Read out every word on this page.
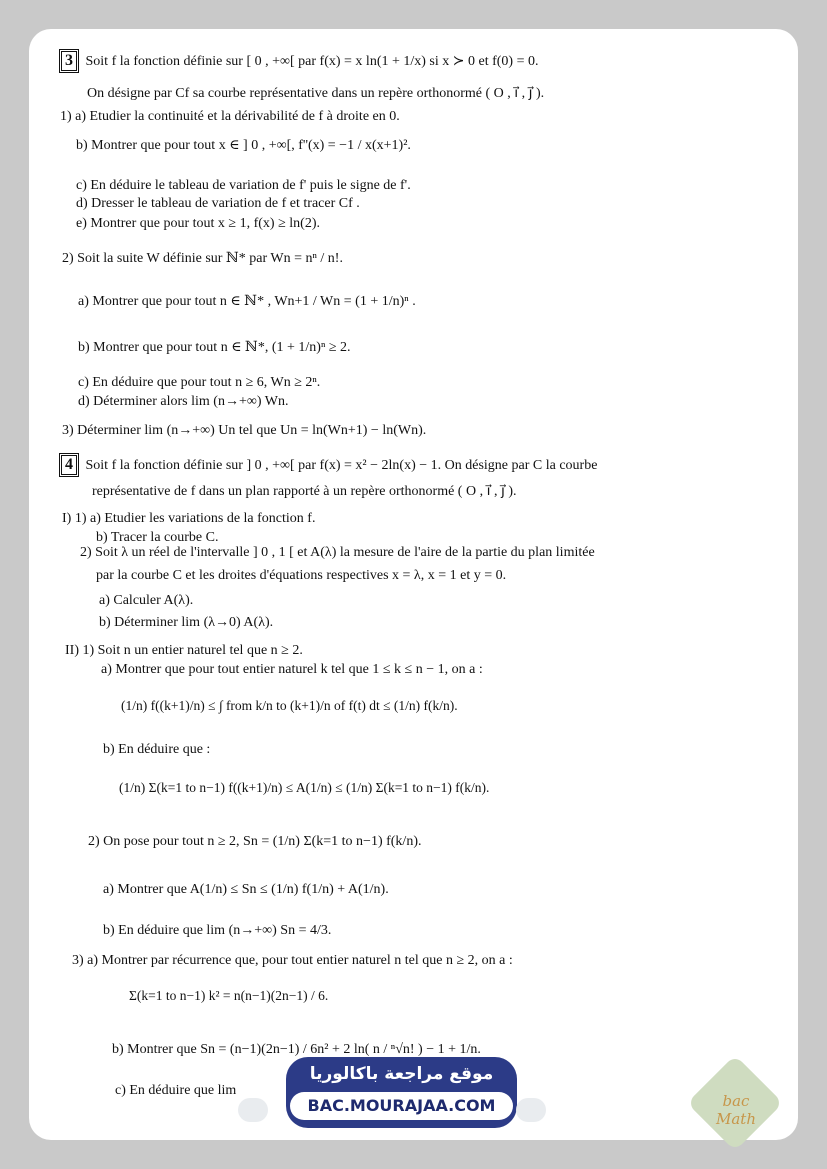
3 Soit f la fonction définie sur [ 0 , +∞[ par f(x) = x ln(1 + 1/x) si x ≻ 0 et f(0) = 0.
On désigne par Cf sa courbe représentative dans un repère orthonormé ( O , i⃗ , j⃗ ).
1) a) Etudier la continuité et la dérivabilité de f à droite en 0.
b) Montrer que pour tout x ∈ ] 0 , +∞[, f''(x) = −1 / x(x+1)².
c) En déduire le tableau de variation de f' puis le signe de f'.
d) Dresser le tableau de variation de f et tracer Cf .
e) Montrer que pour tout x ≥ 1, f(x) ≥ ln(2).
2) Soit la suite W définie sur ℕ* par Wn = nⁿ / n!.
a) Montrer que pour tout n ∈ ℕ* , Wn+1 / Wn = (1 + 1/n)ⁿ .
b) Montrer que pour tout n ∈ ℕ*, (1 + 1/n)ⁿ ≥ 2.
c) En déduire que pour tout n ≥ 6, Wn ≥ 2ⁿ.
d) Déterminer alors lim (n→+∞) Wn.
3) Déterminer lim (n→+∞) Un tel que Un = ln(Wn+1) − ln(Wn).
4 Soit f la fonction définie sur ] 0 , +∞[ par f(x) = x² − 2ln(x) − 1. On désigne par C la courbe
représentative de f dans un plan rapporté à un repère orthonormé ( O , i⃗ , j⃗ ).
I) 1) a) Etudier les variations de la fonction f.
b) Tracer la courbe C.
2) Soit λ un réel de l'intervalle ] 0 , 1 [ et A(λ) la mesure de l'aire de la partie du plan limitée
par la courbe C et les droites d'équations respectives x = λ, x = 1 et y = 0.
a) Calculer A(λ).
b) Déterminer lim (λ→0) A(λ).
II) 1) Soit n un entier naturel tel que n ≥ 2.
a) Montrer que pour tout entier naturel k tel que 1 ≤ k ≤ n − 1, on a :
(1/n) f((k+1)/n) ≤ ∫ from k/n to (k+1)/n of f(t) dt ≤ (1/n) f(k/n).
b) En déduire que :
(1/n) Σ(k=1 to n−1) f((k+1)/n) ≤ A(1/n) ≤ (1/n) Σ(k=1 to n−1) f(k/n).
2) On pose pour tout n ≥ 2, Sn = (1/n) Σ(k=1 to n−1) f(k/n).
a) Montrer que A(1/n) ≤ Sn ≤ (1/n) f(1/n) + A(1/n).
b) En déduire que lim (n→+∞) Sn = 4/3.
3) a) Montrer par récurrence que, pour tout entier naturel n tel que n ≥ 2, on a :
Σ(k=1 to n−1) k² = n(n−1)(2n−1) / 6.
b) Montrer que Sn = (n−1)(2n−1) / 6n² + 2 ln( n / ⁿ√n! ) − 1 + 1/n.
c) En déduire que lim
موقع مراجعة باكالوريا
BAC.MOURAJAA.COM	bac Math
